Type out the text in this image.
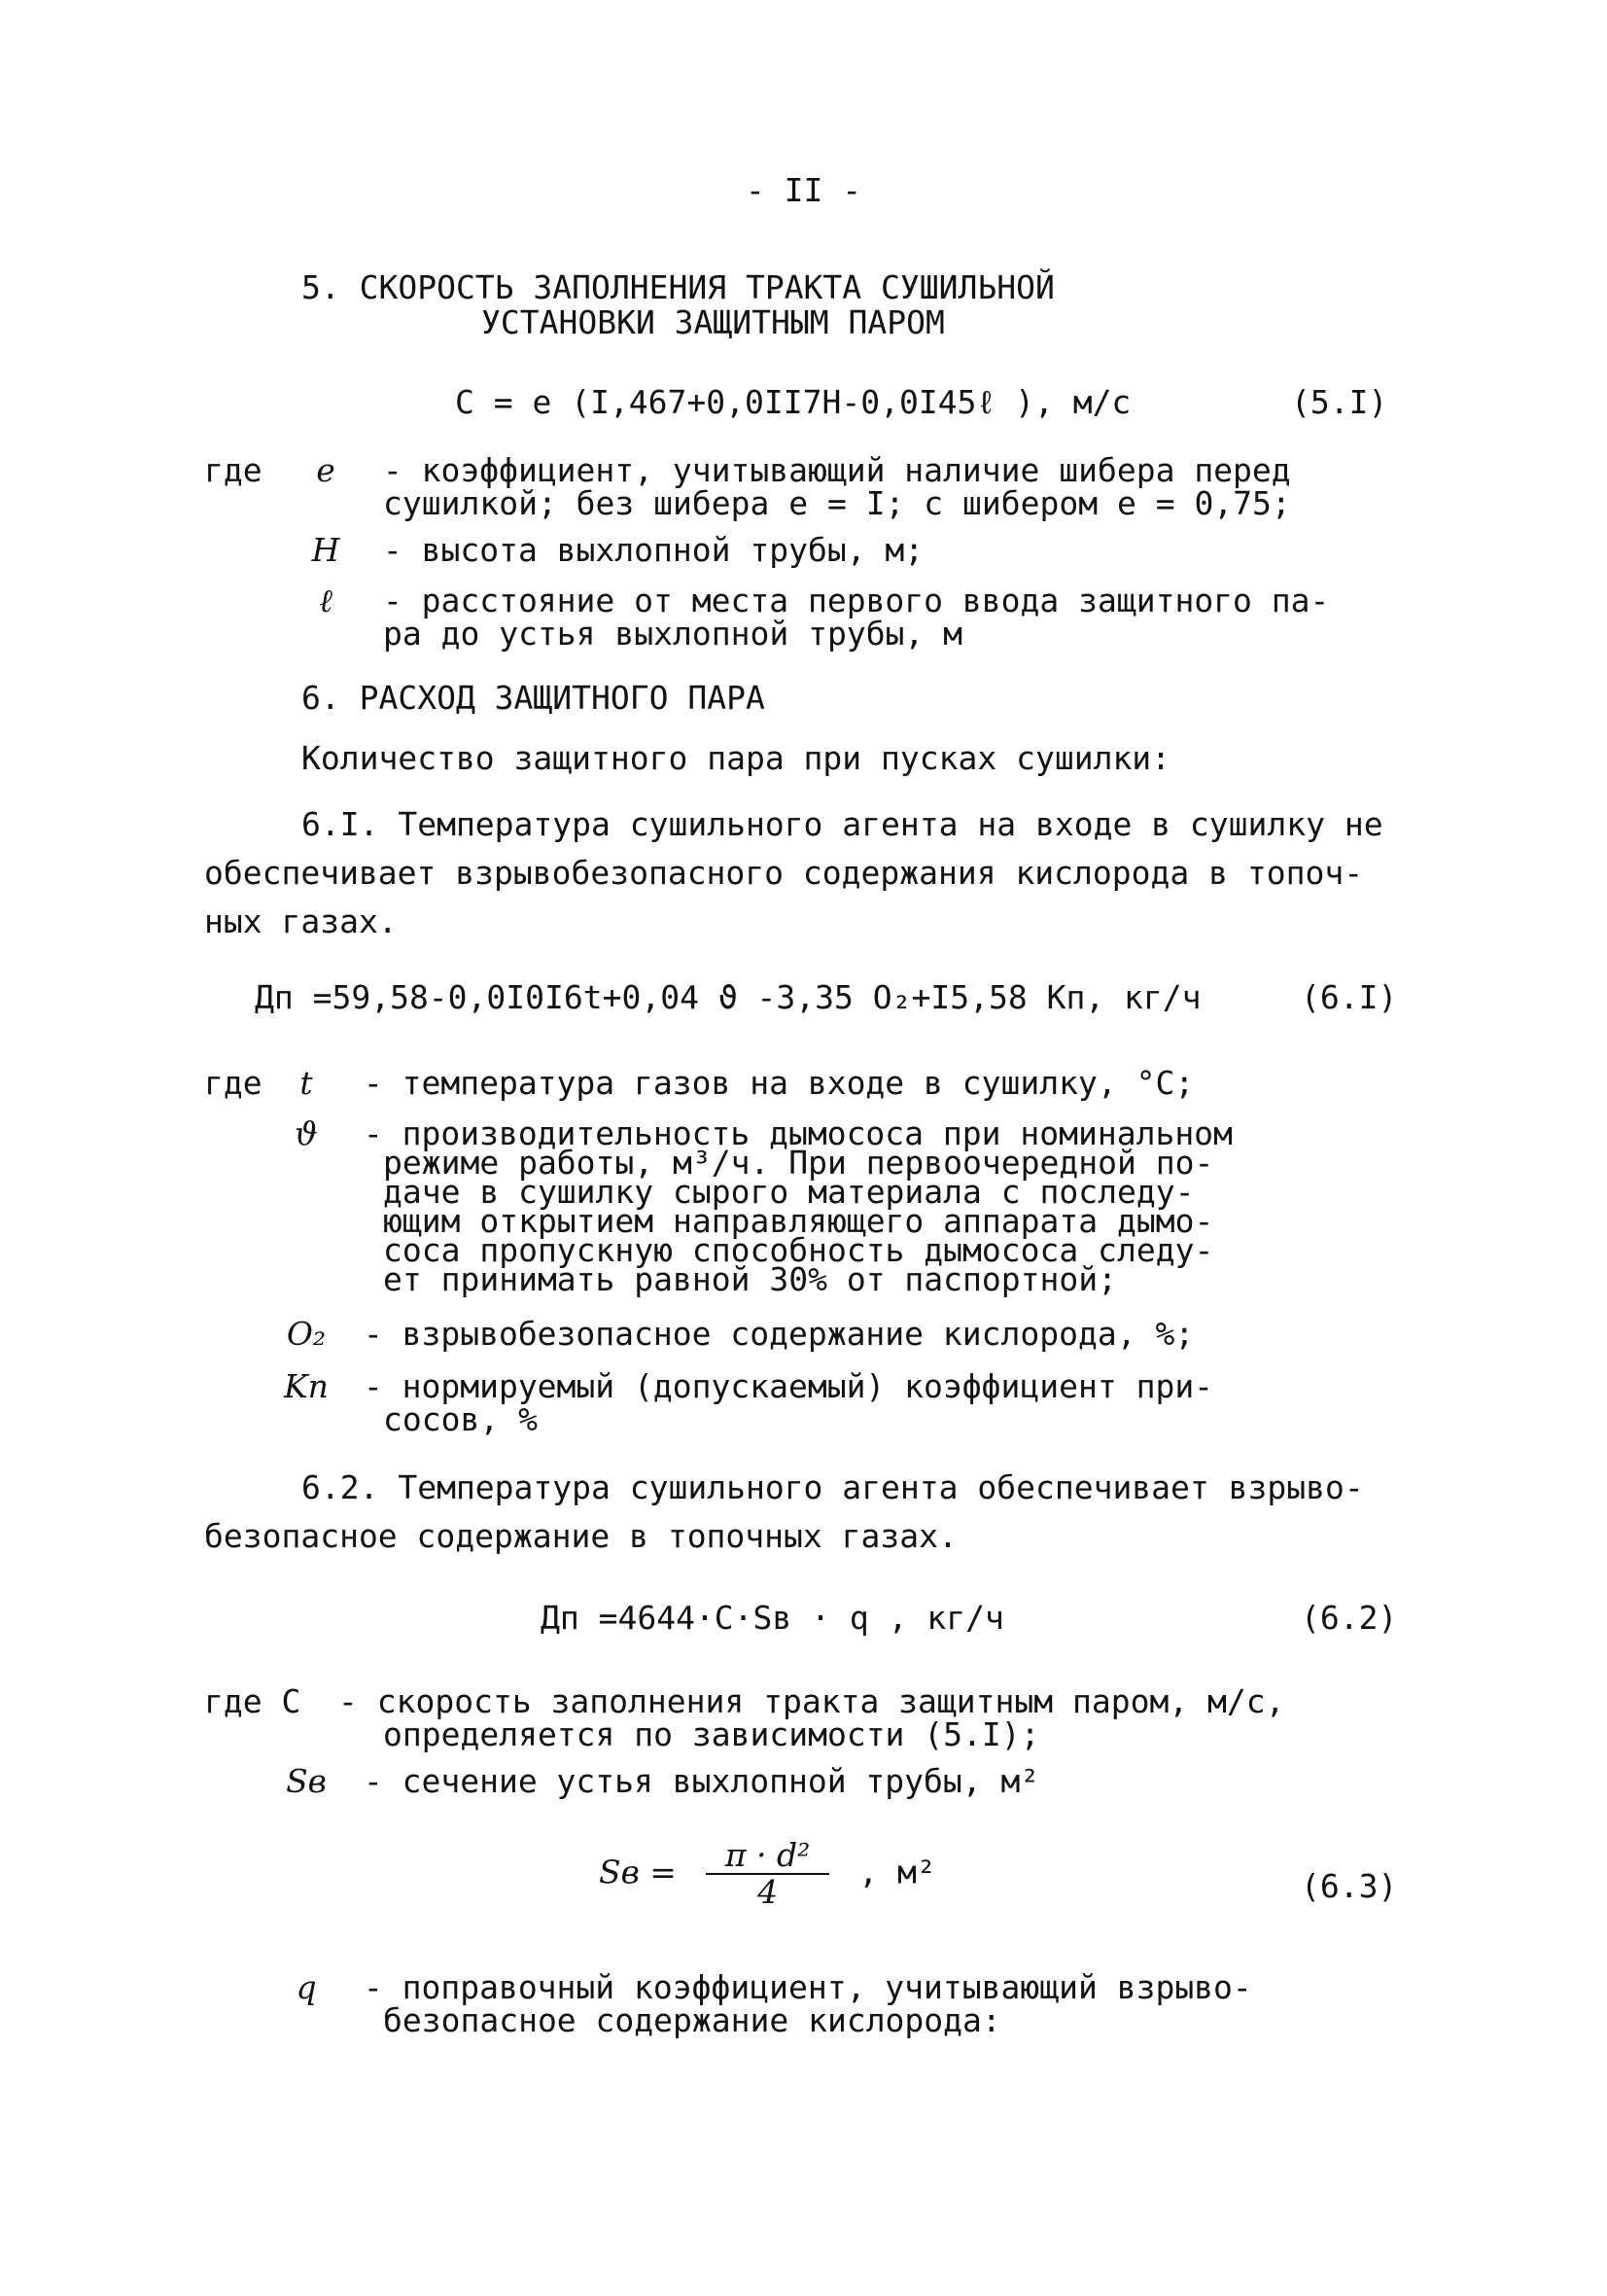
- II -
5. СКОРОСТЬ ЗАПОЛНЕНИЯ ТРАКТА СУШИЛЬНОЙ
УСТАНОВКИ ЗАЩИТНЫМ ПАРОМ
C = e (I,467+0,0II7H-0,0I45ℓ ), м/с	(5.I)
где	e - коэффициент, учитывающий наличие шибера перед
сушилкой; без шибера e = I; с шибером e = 0,75;
H - высота выхлопной трубы, м;
ℓ - расстояние от места первого ввода защитного па-
ра до устья выхлопной трубы, м
6. РАСХОД ЗАЩИТНОГО ПАРА
Количество защитного пара при пусках сушилки:
6.I. Температура сушильного агента на входе в сушилку не
обеспечивает взрывобезопасного содержания кислорода в топоч-
ных газах.
Дп =59,58-0,0I0I6t+0,04 ϑ -3,35 O₂+I5,58 Kп, кг/ч	(6.I)
где	t - температура газов на входе в сушилку, °C;
ϑ - производительность дымососа при номинальном
режиме работы, м³/ч. При первоочередной по-
даче в сушилку сырого материала с последу-
ющим открытием направляющего аппарата дымо-
соса пропускную способность дымососа следу-
ет принимать равной 30% от паспортной;
O₂ - взрывобезопасное содержание кислорода, %;
Kп - нормируемый (допускаемый) коэффициент при-
сосов, %
6.2. Температура сушильного агента обеспечивает взрыво-
безопасное содержание в топочных газах.
Дп =4644·C·Sв · q , кг/ч	(6.2)
где C - скорость заполнения тракта защитным паром, м/с,
определяется по зависимости (5.I);
Sв - сечение устья выхлопной трубы, м²
Sв = $\frac{\text{π · d²}}{4}$ , м²	(6.3)
q - поправочный коэффициент, учитывающий взрыво-
безопасное содержание кислорода:
